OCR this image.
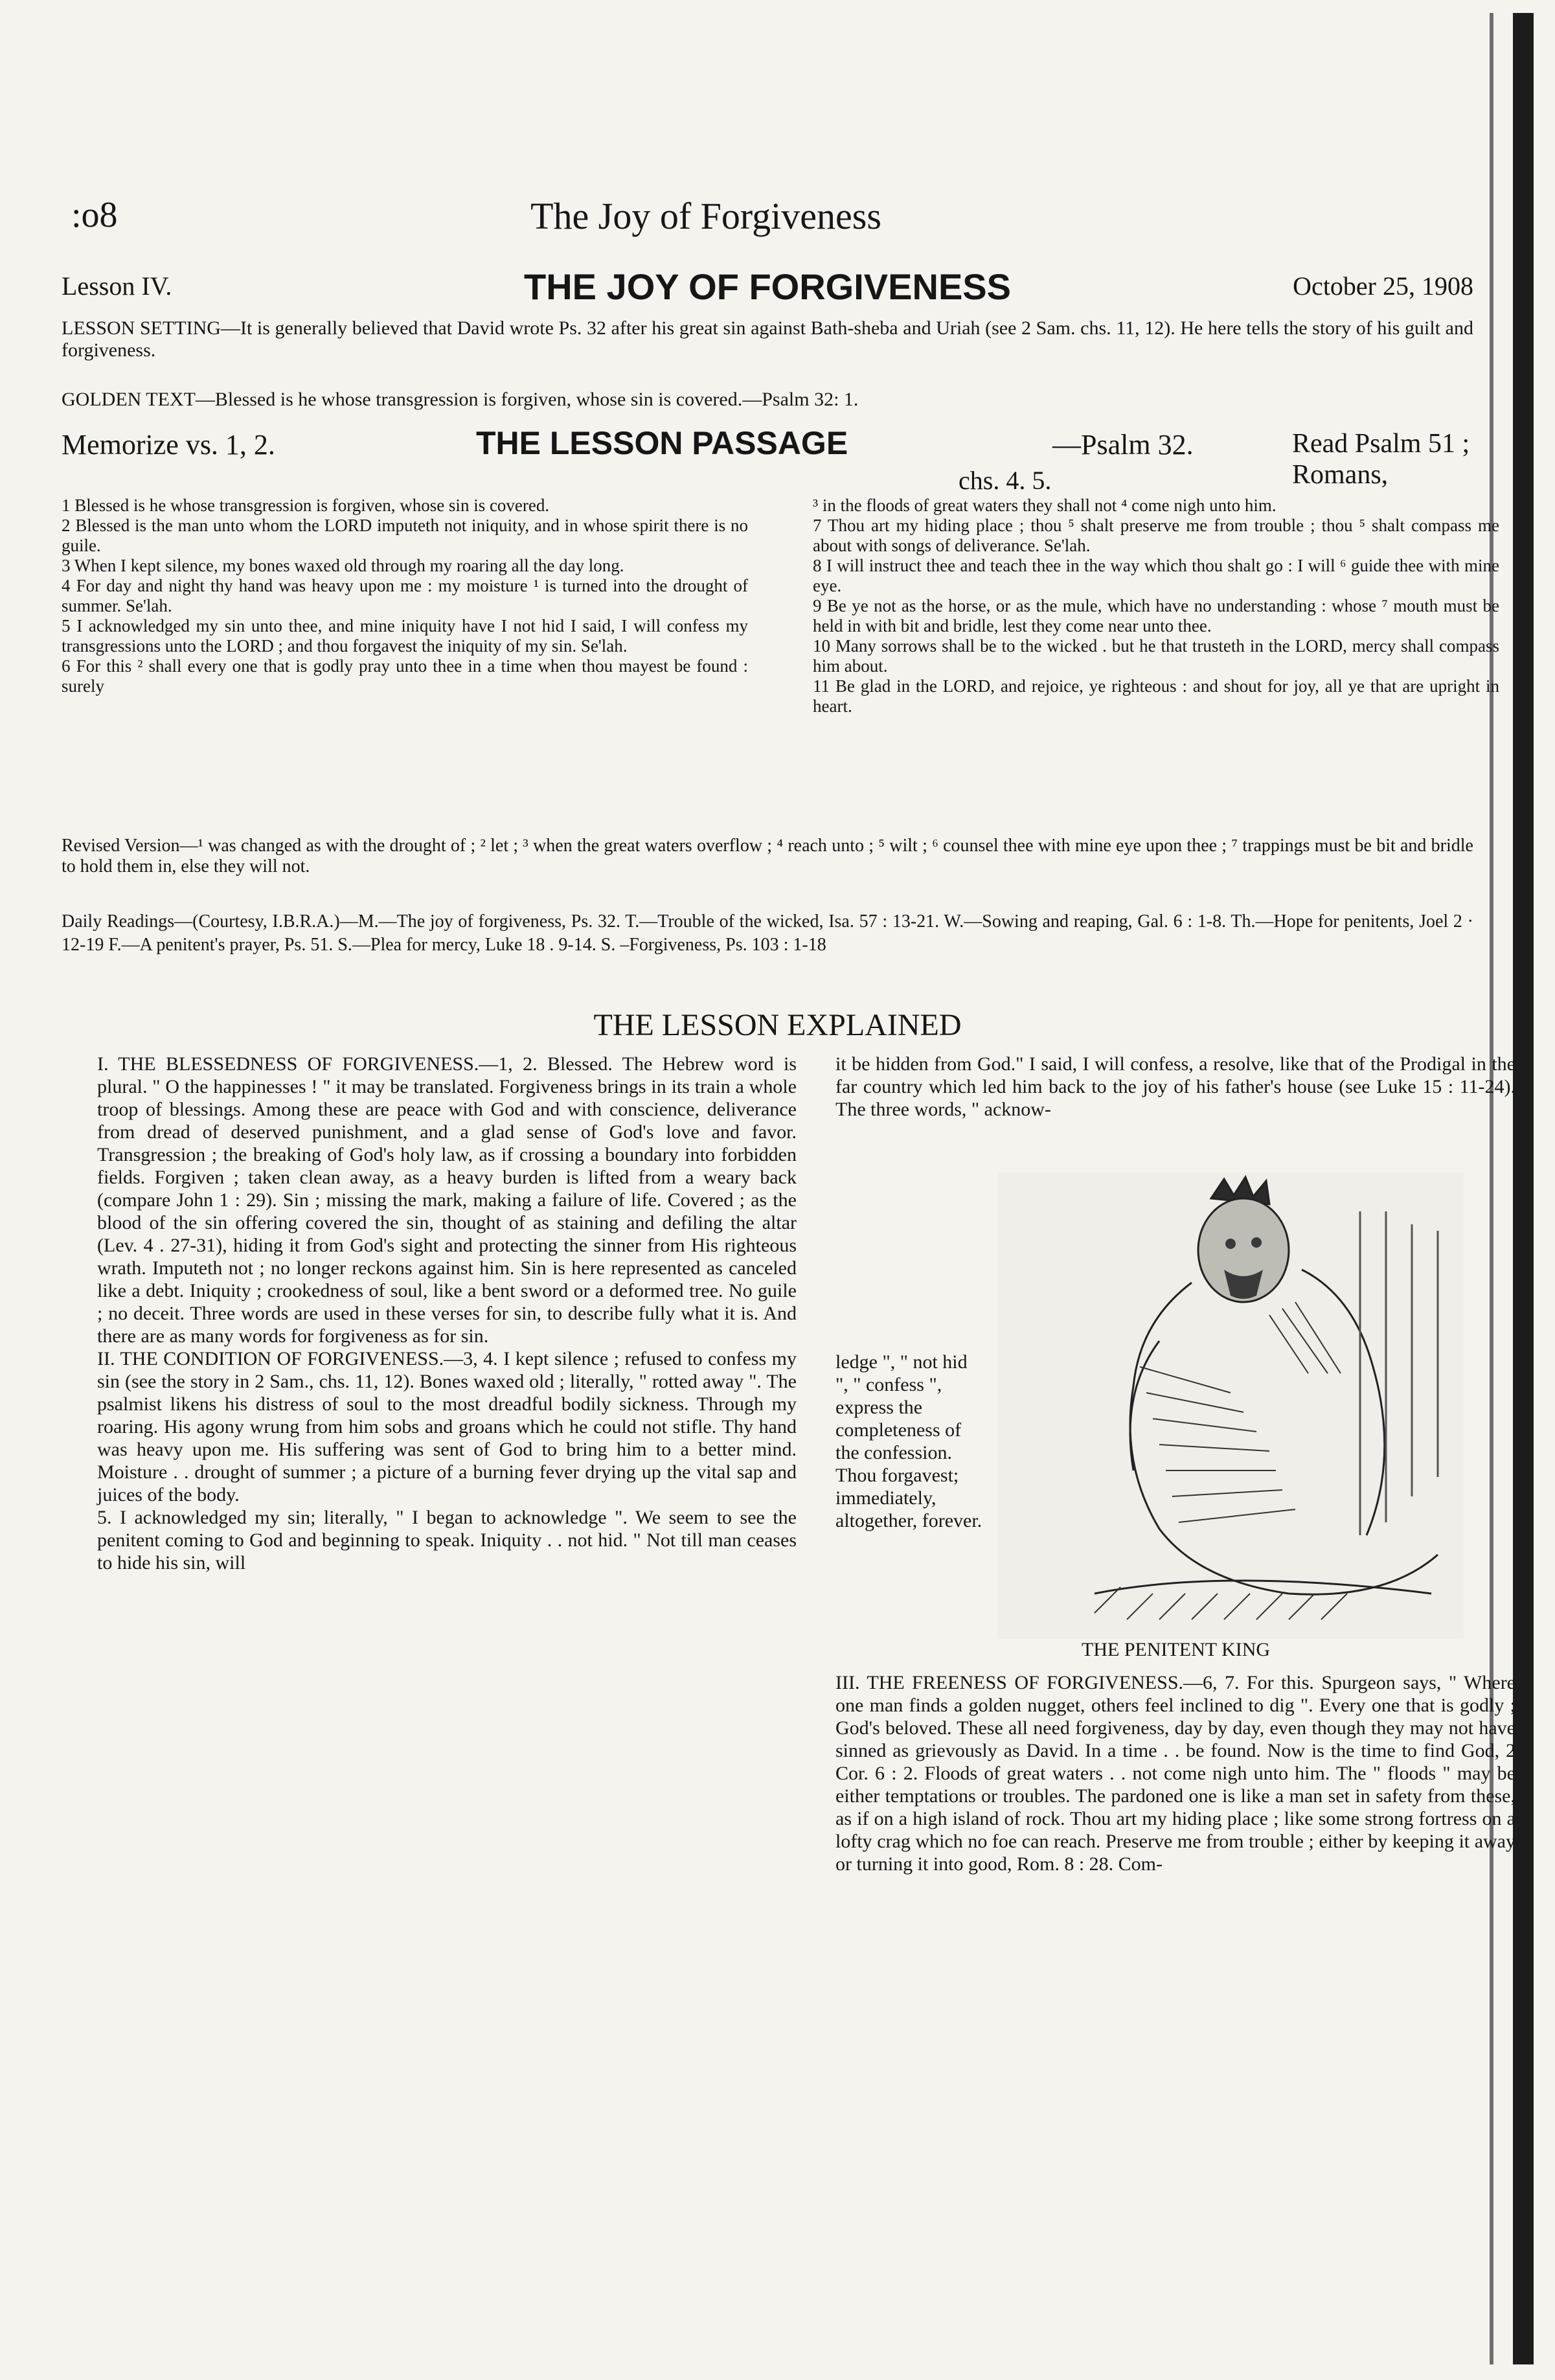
:o8	The Joy of Forgiveness
Lesson IV.	THE JOY OF FORGIVENESS	October 25, 1908
LESSON SETTING—It is generally believed that David wrote Ps. 32 after his great sin against Bath-sheba and Uriah (see 2 Sam. chs. 11, 12). He here tells the story of his guilt and forgiveness.
GOLDEN TEXT—Blessed is he whose transgression is forgiven, whose sin is covered.—Psalm 32: 1.
Memorize vs. 1, 2.	THE LESSON PASSAGE	—Psalm 32.	Read Psalm 51 ; Romans,
chs. 4. 5.

1 Blessed is he whose transgression is forgiven, whose sin is covered.

2 Blessed is the man unto whom the LORD imputeth not iniquity, and in whose spirit there is no guile.

3 When I kept silence, my bones waxed old through my roaring all the day long.

4 For day and night thy hand was heavy upon me : my moisture ¹ is turned into the drought of summer. Se'lah.

5 I acknowledged my sin unto thee, and mine iniquity have I not hid I said, I will confess my transgressions unto the LORD ; and thou forgavest the iniquity of my sin. Se'lah.

6 For this ² shall every one that is godly pray unto thee in a time when thou mayest be found : surely

³ in the floods of great waters they shall not ⁴ come nigh unto him.

7 Thou art my hiding place ; thou ⁵ shalt preserve me from trouble ; thou ⁵ shalt compass me about with songs of deliverance. Se'lah.

8 I will instruct thee and teach thee in the way which thou shalt go : I will ⁶ guide thee with mine eye.

9 Be ye not as the horse, or as the mule, which have no understanding : whose ⁷ mouth must be held in with bit and bridle, lest they come near unto thee.

10 Many sorrows shall be to the wicked . but he that trusteth in the LORD, mercy shall compass him about.

11 Be glad in the LORD, and rejoice, ye righteous : and shout for joy, all ye that are upright in heart.

Revised Version—¹ was changed as with the drought of ; ² let ; ³ when the great waters overflow ; ⁴ reach unto ; ⁵ wilt ; ⁶ counsel thee with mine eye upon thee ; ⁷ trappings must be bit and bridle to hold them in, else they will not.
Daily Readings—(Courtesy, I.B.R.A.)—M.—The joy of forgiveness, Ps. 32. T.—Trouble of the wicked, Isa. 57 : 13-21. W.—Sowing and reaping, Gal. 6 : 1-8. Th.—Hope for penitents, Joel 2 · 12-19 F.—A penitent's prayer, Ps. 51. S.—Plea for mercy, Luke 18 . 9-14. S. –Forgiveness, Ps. 103 : 1-18
THE LESSON EXPLAINED

I. THE BLESSEDNESS OF FORGIVENESS.—1, 2. Blessed. The Hebrew word is plural. " O the happinesses ! " it may be translated. Forgiveness brings in its train a whole troop of blessings. Among these are peace with God and with conscience, deliverance from dread of deserved punishment, and a glad sense of God's love and favor. Transgression ; the breaking of God's holy law, as if crossing a boundary into forbidden fields. Forgiven ; taken clean away, as a heavy burden is lifted from a weary back (compare John 1 : 29). Sin ; missing the mark, making a failure of life. Covered ; as the blood of the sin offering covered the sin, thought of as staining and defiling the altar (Lev. 4 . 27-31), hiding it from God's sight and protecting the sinner from His righteous wrath. Imputeth not ; no longer reckons against him. Sin is here represented as canceled like a debt. Iniquity ; crookedness of soul, like a bent sword or a deformed tree. No guile ; no deceit. Three words are used in these verses for sin, to describe fully what it is. And there are as many words for forgiveness as for sin.

II. THE CONDITION OF FORGIVENESS.—3, 4. I kept silence ; refused to confess my sin (see the story in 2 Sam., chs. 11, 12). Bones waxed old ; literally, " rotted away ". The psalmist likens his distress of soul to the most dreadful bodily sickness. Through my roaring. His agony wrung from him sobs and groans which he could not stifle. Thy hand was heavy upon me. His suffering was sent of God to bring him to a better mind. Moisture . . drought of summer ; a picture of a burning fever drying up the vital sap and juices of the body.

5. I acknowledged my sin; literally, " I began to acknowledge ". We seem to see the penitent coming to God and beginning to speak. Iniquity . . not hid. " Not till man ceases to hide his sin, will

it be hidden from God." I said, I will confess, a resolve, like that of the Prodigal in the far country which led him back to the joy of his father's house (see Luke 15 : 11-24). The three words, " acknow-
ledge ", " not hid ", " confess ", express the completeness of the confession. Thou forgavest; immediately, altogether, forever.
THE PENITENT KING
III. THE FREENESS OF FORGIVENESS.—6, 7. For this. Spurgeon says, " Where one man finds a golden nugget, others feel inclined to dig ". Every one that is godly ; God's beloved. These all need forgiveness, day by day, even though they may not have sinned as grievously as David. In a time . . be found. Now is the time to find God, 2 Cor. 6 : 2. Floods of great waters . . not come nigh unto him. The " floods " may be either temptations or troubles. The pardoned one is like a man set in safety from these, as if on a high island of rock. Thou art my hiding place ; like some strong fortress on a lofty crag which no foe can reach. Preserve me from trouble ; either by keeping it away or turning it into good, Rom. 8 : 28. Com-
